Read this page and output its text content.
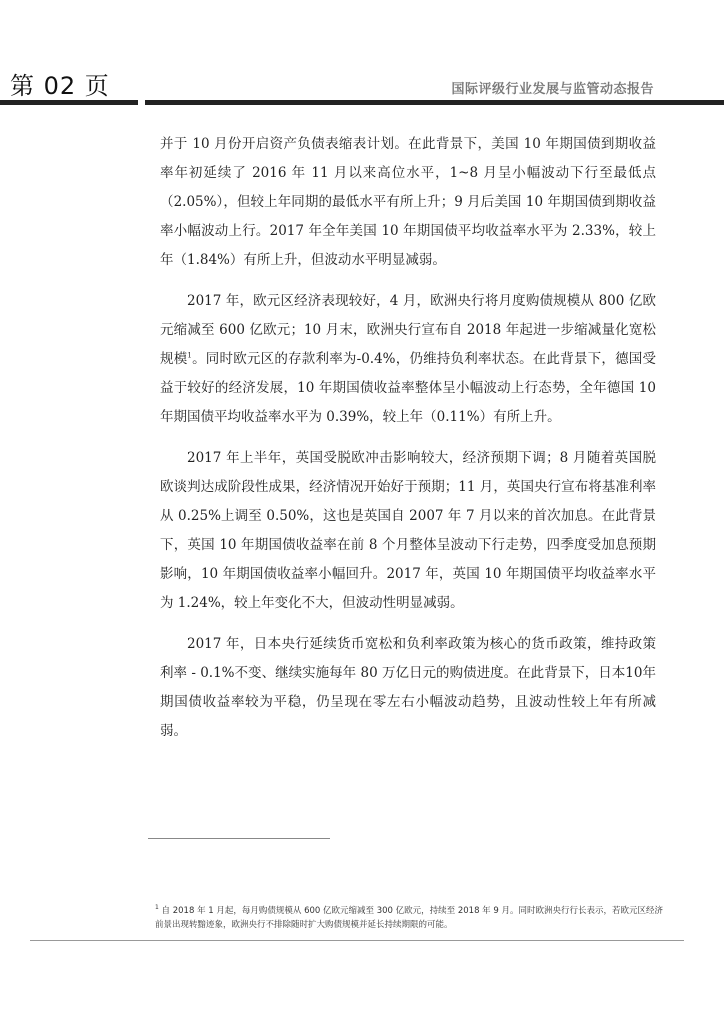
第 02 页	国际评级行业发展与监管动态报告

并于 10 月份开启资产负债表缩表计划。在此背景下，美国 10 年期国债到期收益率年初延续了 2016 年 11 月以来高位水平，1~8 月呈小幅波动下行至最低点（2.05%），但较上年同期的最低水平有所上升；9 月后美国 10 年期国债到期收益率小幅波动上行。2017 年全年美国 10 年期国债平均收益率水平为 2.33%，较上年（1.84%）有所上升，但波动水平明显减弱。

2017 年，欧元区经济表现较好，4 月，欧洲央行将月度购债规模从 800 亿欧元缩减至 600 亿欧元；10 月末，欧洲央行宣布自 2018 年起进一步缩减量化宽松规模$^1$。同时欧元区的存款利率为-0.4%，仍维持负利率状态。在此背景下，德国受益于较好的经济发展，10 年期国债收益率整体呈小幅波动上行态势，全年德国 10 年期国债平均收益率水平为 0.39%，较上年（0.11%）有所上升。

2017 年上半年，英国受脱欧冲击影响较大，经济预期下调；8 月随着英国脱欧谈判达成阶段性成果，经济情况开始好于预期；11 月，英国央行宣布将基准利率从 0.25%上调至 0.50%，这也是英国自 2007 年 7 月以来的首次加息。在此背景下，英国 10 年期国债收益率在前 8 个月整体呈波动下行走势，四季度受加息预期影响，10 年期国债收益率小幅回升。2017 年，英国 10 年期国债平均收益率水平为 1.24%，较上年变化不大，但波动性明显减弱。

2017 年，日本央行延续货币宽松和负利率政策为核心的货币政策，维持政策利率 - 0.1%不变、继续实施每年 80 万亿日元的购债进度。在此背景下，日本10年期国债收益率较为平稳，仍呈现在零左右小幅波动趋势，且波动性较上年有所减弱。

$^1$ 自 2018 年 1 月起，每月购债规模从 600 亿欧元缩减至 300 亿欧元，持续至 2018 年 9 月。同时欧洲央行行长表示，若欧元区经济前景出现转黯迹象，欧洲央行不排除随时扩大购债规模并延长持续期限的可能。
